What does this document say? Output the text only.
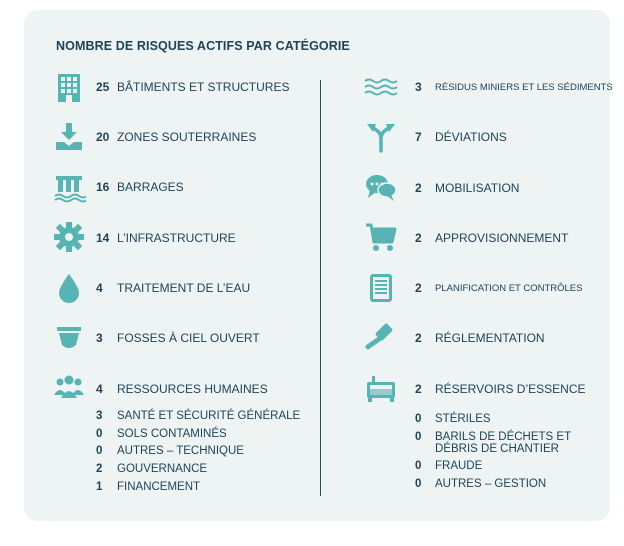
NOMBRE DE RISQUES ACTIFS PAR CATÉGORIE
25 BÂTIMENTS ET STRUCTURES
20 ZONES SOUTERRAINES
16 BARRAGES
14 L’INFRASTRUCTURE
4 TRAITEMENT DE L’EAU
3 FOSSES À CIEL OUVERT
4 RESSOURCES HUMAINES
3 SANTÉ ET SÉCURITÉ GÉNÉRALE
0 SOLS CONTAMINÉS
0 AUTRES – TECHNIQUE
2 GOUVERNANCE
1 FINANCEMENT
3 RÉSIDUS MINIERS ET LES SÉDIMENTS
7 DÉVIATIONS
2 MOBILISATION
2 APPROVISIONNEMENT
2 PLANIFICATION ET CONTRÔLES
2 RÉGLEMENTATION
2 RÉSERVOIRS D’ESSENCE
0 STÉRILES
0 BARILS DE DÉCHETS ET
DÉBRIS DE CHANTIER
0 FRAUDE
0 AUTRES – GESTION
